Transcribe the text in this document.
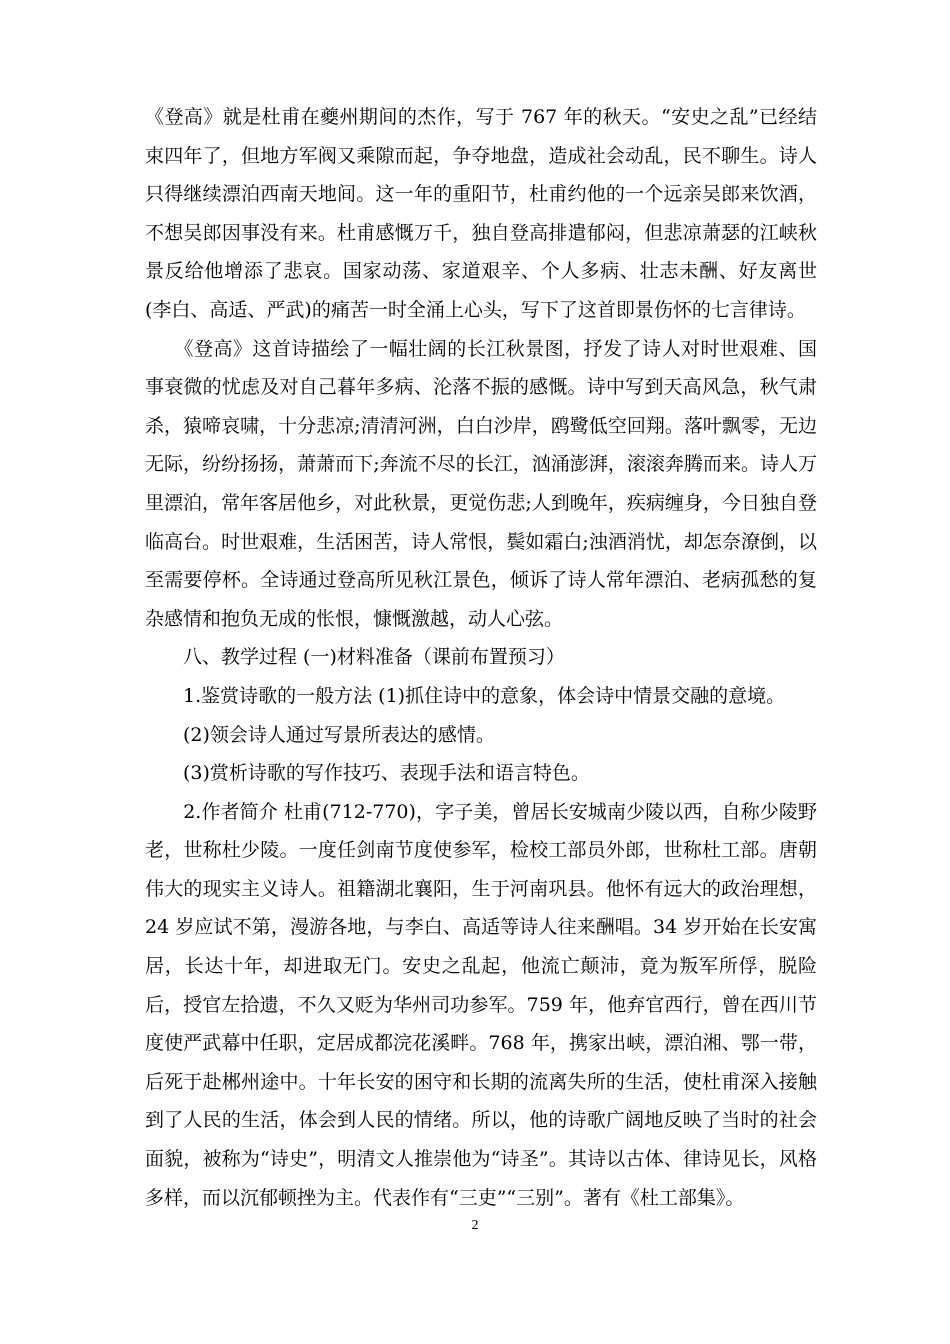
《登高》就是杜甫在夔州期间的杰作，写于 767 年的秋天。“安史之乱”已经结束四年了，但地方军阀又乘隙而起，争夺地盘，造成社会动乱，民不聊生。诗人只得继续漂泊西南天地间。这一年的重阳节，杜甫约他的一个远亲吴郎来饮酒，不想吴郎因事没有来。杜甫感慨万千，独自登高排遣郁闷，但悲凉萧瑟的江峡秋景反给他增添了悲哀。国家动荡、家道艰辛、个人多病、壮志未酬、好友离世(李白、高适、严武)的痛苦一时全涌上心头，写下了这首即景伤怀的七言律诗。

　　《登高》这首诗描绘了一幅壮阔的长江秋景图，抒发了诗人对时世艰难、国事衰微的忧虑及对自己暮年多病、沦落不振的感慨。诗中写到天高风急，秋气肃杀，猿啼哀啸，十分悲凉;清清河洲，白白沙岸，鸥鹭低空回翔。落叶飘零，无边无际，纷纷扬扬，萧萧而下;奔流不尽的长江，汹涌澎湃，滚滚奔腾而来。诗人万里漂泊，常年客居他乡，对此秋景，更觉伤悲;人到晚年，疾病缠身，今日独自登临高台。时世艰难，生活困苦，诗人常恨，鬓如霜白;浊酒消忧，却怎奈潦倒，以至需要停杯。全诗通过登高所见秋江景色，倾诉了诗人常年漂泊、老病孤愁的复杂感情和抱负无成的怅恨，慷慨激越，动人心弦。

　　八、教学过程 (一)材料准备（课前布置预习）

　　1.鉴赏诗歌的一般方法 (1)抓住诗中的意象，体会诗中情景交融的意境。

　　(2)领会诗人通过写景所表达的感情。

　　(3)赏析诗歌的写作技巧、表现手法和语言特色。

　　2.作者简介 杜甫(712-770)，字子美，曾居长安城南少陵以西，自称少陵野老，世称杜少陵。一度任剑南节度使参军，检校工部员外郎，世称杜工部。唐朝伟大的现实主义诗人。祖籍湖北襄阳，生于河南巩县。他怀有远大的政治理想，24 岁应试不第，漫游各地，与李白、高适等诗人往来酬唱。34 岁开始在长安寓居，长达十年，却进取无门。安史之乱起，他流亡颠沛，竟为叛军所俘，脱险后，授官左拾遗，不久又贬为华州司功参军。759 年，他弃官西行，曾在西川节度使严武幕中任职，定居成都浣花溪畔。768 年，携家出峡，漂泊湘、鄂一带，后死于赴郴州途中。十年长安的困守和长期的流离失所的生活，使杜甫深入接触到了人民的生活，体会到人民的情绪。所以，他的诗歌广阔地反映了当时的社会面貌，被称为“诗史”，明清文人推崇他为“诗圣”。其诗以古体、律诗见长，风格多样，而以沉郁顿挫为主。代表作有“三吏”“三别”。著有《杜工部集》。

2
